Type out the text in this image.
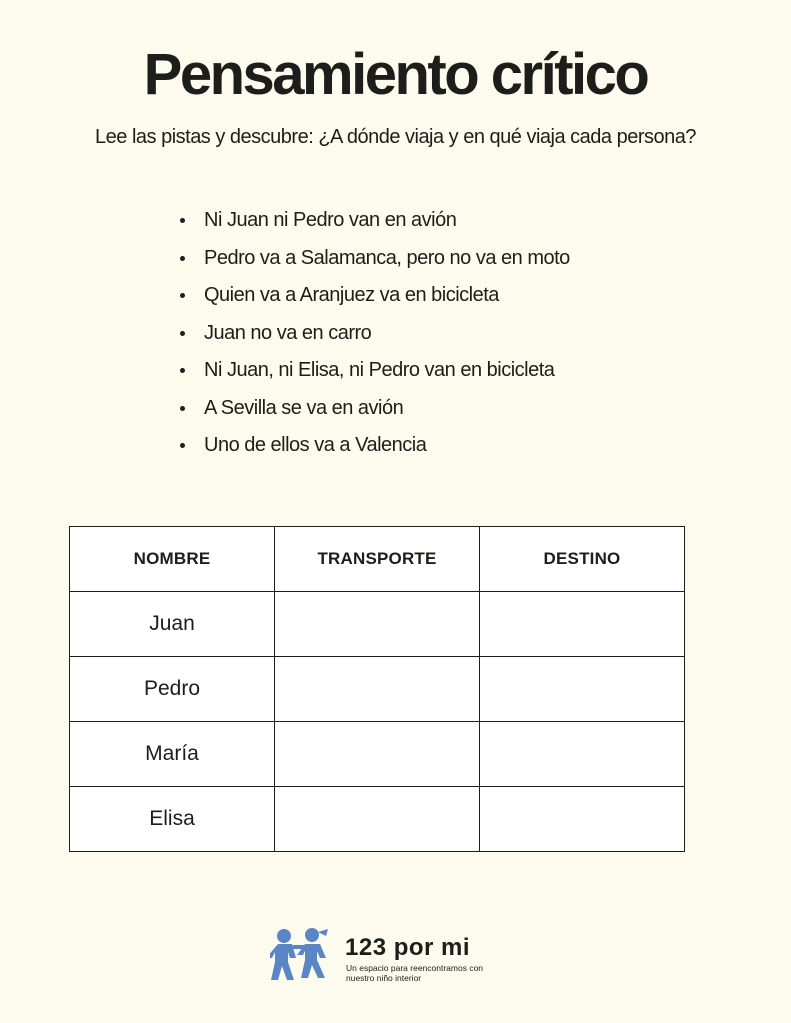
Pensamiento crítico

Lee las pistas y descubre: ¿A dónde viaja y en qué viaja cada persona?

Ni Juan ni Pedro van en avión
Pedro va a Salamanca, pero no va en moto
Quien va a Aranjuez va en bicicleta
Juan no va en carro
Ni Juan, ni Elisa, ni Pedro van en bicicleta
A Sevilla se va en avión
Uno de ellos va a Valencia
NOMBRE	TRANSPORTE	DESTINO
Juan		
Pedro		
María		
Elisa		
123 por mi
Un espacio para reencontramos con nuestro niño interior
